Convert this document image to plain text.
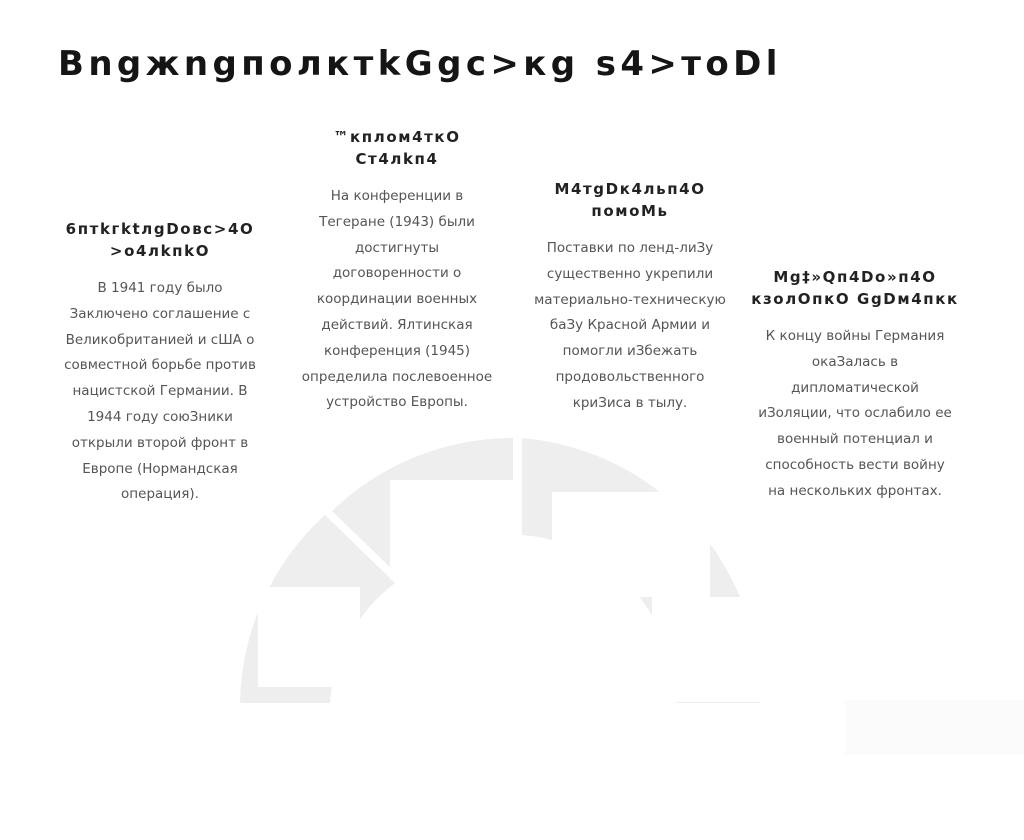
BngжngполктkGgc>кg s4>тoDl
6птkгktлgDoвс>4O
>o4лkпkO

В 1941 году было
Заключено соглашение с
Великобританией и сША о
совместной борьбе против
нацистской Германии. В
1944 году союЗники
открыли второй фронт в
Европе (Нормандская
операция).

™кплом4ткO
Ст4лkп4

На конференции в
Тегеране (1943) были
достигнуты
договоренности о
координации военных
действий. Ялтинская
конференция (1945)
определила послевоенное
устройство Европы.

M4тgDк4льп4O
помоMь

Поставки по ленд-лиЗу
существенно укрепили
материально-техническую
баЗу Красной Армии и
помогли иЗбежать
продовольственного
криЗиса в тылу.

Mg‡»Qп4Do»п4O
кзолOпкO GgDм4пкк

К концу войны Германия
окаЗалась в
дипломатической
иЗоляции, что ослабило ее
военный потенциал и
способность вести войну
на нескольких фронтах.
